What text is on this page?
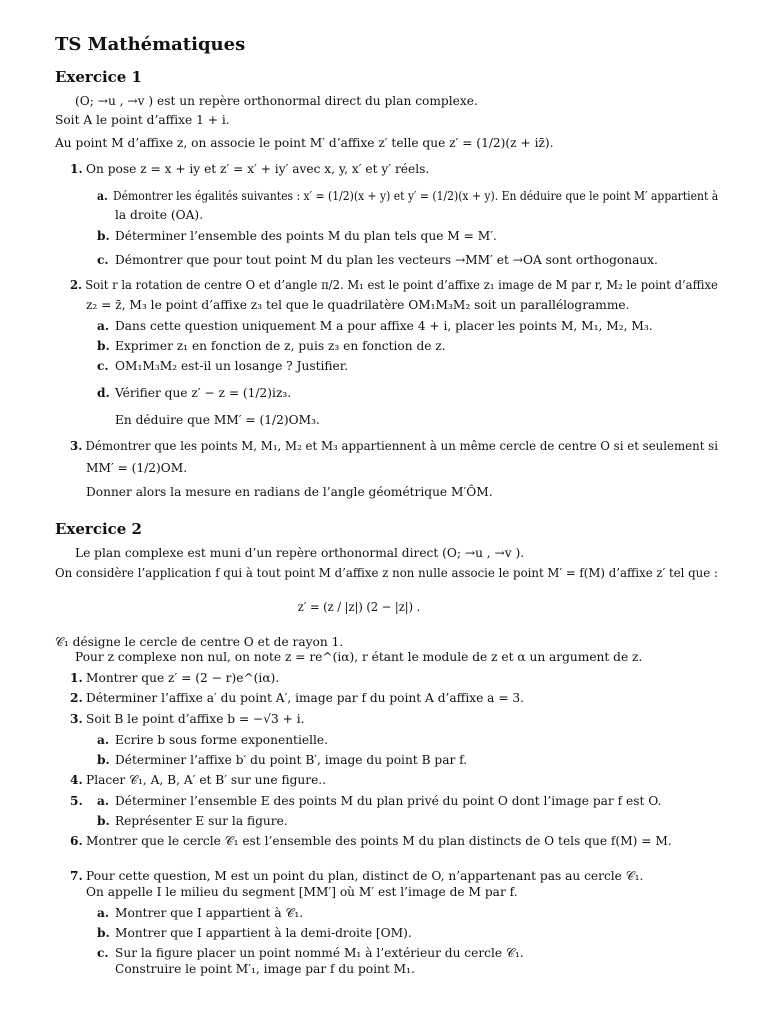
TS Mathématiques
Exercice 1
(O; →u , →v ) est un repère orthonormal direct du plan complexe.
Soit A le point d’affixe 1 + i.
Au point M d’affixe z, on associe le point M′ d’affixe z′ telle que z′ = (1/2)(z + iz̄).
1. On pose z = x + iy et z′ = x′ + iy′ avec x, y, x′ et y′ réels.
a. Démontrer les égalités suivantes : x′ = (1/2)(x + y) et y′ = (1/2)(x + y). En déduire que le point M′ appartient à
la droite (OA).
b. Déterminer l’ensemble des points M du plan tels que M = M′.
c. Démontrer que pour tout point M du plan les vecteurs →MM′ et →OA sont orthogonaux.
2. Soit r la rotation de centre O et d’angle π/2. M₁ est le point d’affixe z₁ image de M par r, M₂ le point d’affixe
z₂ = z̄, M₃ le point d’affixe z₃ tel que le quadrilatère OM₁M₃M₂ soit un parallélogramme.
a. Dans cette question uniquement M a pour affixe 4 + i, placer les points M, M₁, M₂, M₃.
b. Exprimer z₁ en fonction de z, puis z₃ en fonction de z.
c. OM₁M₃M₂ est-il un losange ? Justifier.
d. Vérifier que z′ − z = (1/2)iz₃.
En déduire que MM′ = (1/2)OM₃.
3. Démontrer que les points M, M₁, M₂ et M₃ appartiennent à un même cercle de centre O si et seulement si
MM′ = (1/2)OM.
Donner alors la mesure en radians de l’angle géométrique M′ÔM.
Exercice 2
Le plan complexe est muni d’un repère orthonormal direct (O; →u , →v ).
On considère l’application f qui à tout point M d’affixe z non nulle associe le point M′ = f(M) d’affixe z′ tel que :
z′ = (z / |z|) (2 − |z|) .
𝒞₁ désigne le cercle de centre O et de rayon 1.
Pour z complexe non nul, on note z = re^(iα), r étant le module de z et α un argument de z.
1. Montrer que z′ = (2 − r)e^(iα).
2. Déterminer l’affixe a′ du point A′, image par f du point A d’affixe a = 3.
3. Soit B le point d’affixe b = −√3 + i.
a. Ecrire b sous forme exponentielle.
b. Déterminer l’affixe b′ du point B′, image du point B par f.
4. Placer 𝒞₁, A, B, A′ et B′ sur une figure..
5. a. Déterminer l’ensemble E des points M du plan privé du point O dont l’image par f est O.
b. Représenter E sur la figure.
6. Montrer que le cercle 𝒞₁ est l’ensemble des points M du plan distincts de O tels que f(M) = M.
7. Pour cette question, M est un point du plan, distinct de O, n’appartenant pas au cercle 𝒞₁.
On appelle I le milieu du segment [MM′] où M′ est l’image de M par f.
a. Montrer que I appartient à 𝒞₁.
b. Montrer que I appartient à la demi-droite [OM).
c. Sur la figure placer un point nommé M₁ à l’extérieur du cercle 𝒞₁.
Construire le point M′₁, image par f du point M₁.
